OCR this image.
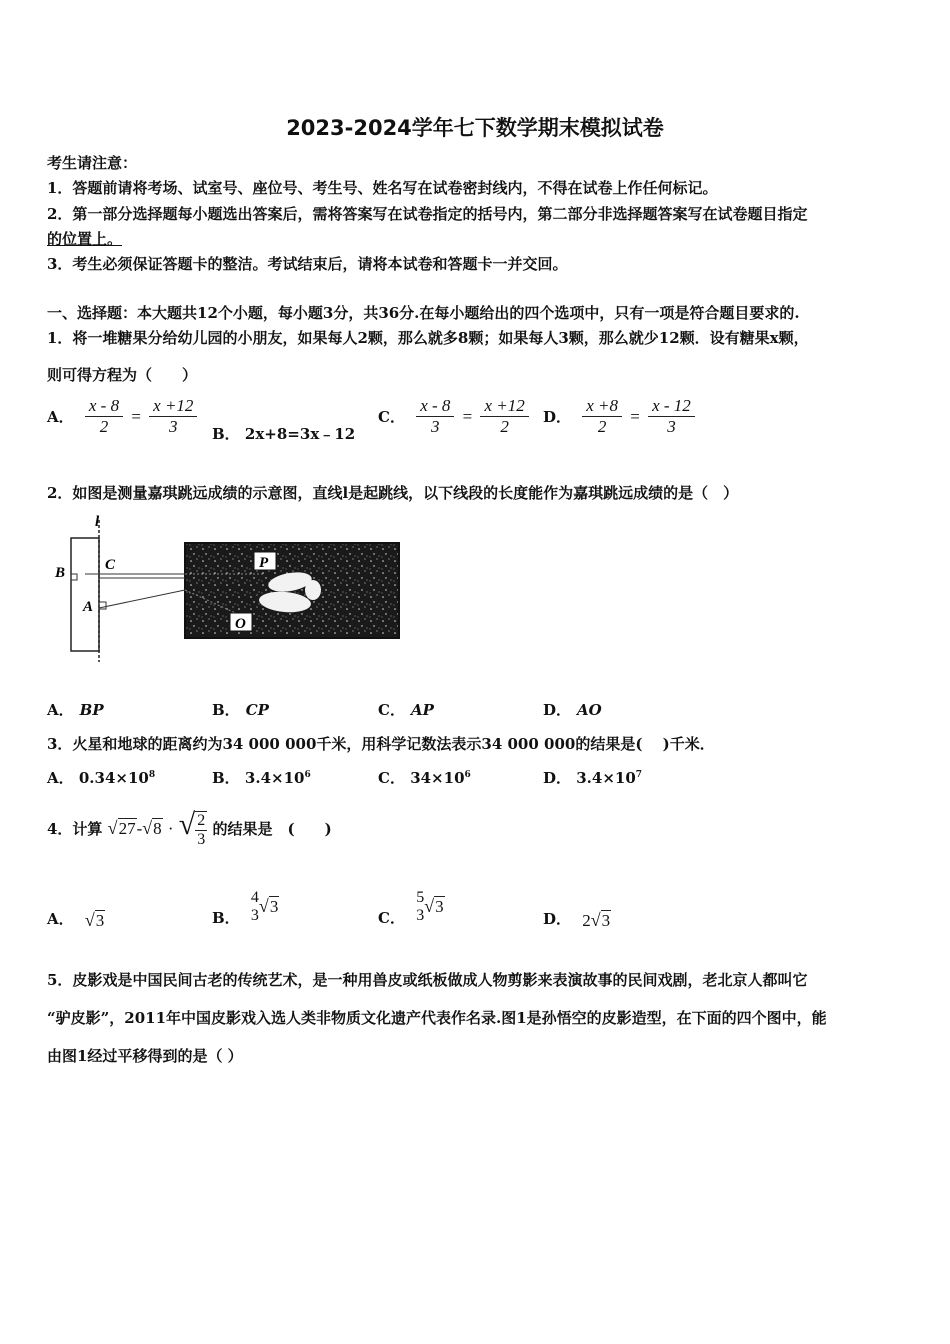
2023-2024学年七下数学期末模拟试卷
考生请注意：
1．答题前请将考场、试室号、座位号、考生号、姓名写在试卷密封线内，不得在试卷上作任何标记。
2．第一部分选择题每小题选出答案后，需将答案写在试卷指定的括号内，第二部分非选择题答案写在试卷题目指定
的位置上。
3．考生必须保证答题卡的整洁。考试结束后，请将本试卷和答题卡一并交回。
一、选择题：本大题共12个小题，每小题3分，共36分.在每小题给出的四个选项中，只有一项是符合题目要求的.
1．将一堆糖果分给幼儿园的小朋友，如果每人2颗，那么就多8颗；如果每人3颗，那么就少12颗．设有糖果x颗，
则可得方程为（　　）
A． $\frac{x - 8}{2} = \frac{x +12}{3}$ B． 2x+8=3x﹣12
C． $\frac{x - 8}{3} = \frac{x +12}{2}$ D． $\frac{x +8}{2} = \frac{x - 12}{3}$
2．如图是测量嘉琪跳远成绩的示意图，直线l是起跳线，以下线段的长度能作为嘉琪跳远成绩的是（　）
l
B	C
A
P
O
A． BP	B． CP	C． AP	D． AO
3．火星和地球的距离约为34 000 000千米，用科学记数法表示34 000 000的结果是(　 )千米．
A． $0.34\times 10^8$	B． $3.4\times 10^6$	C． $34\times 10^6$	D． $3.4\times 10^7$
4．计算 √27-√8 · √ $\frac{2}{3}$ 的结果是　(　　)
A． √3	B．
4
3 √3
C．
5
3 √3
D． 2√3
5．皮影戏是中国民间古老的传统艺术，是一种用兽皮或纸板做成人物剪影来表演故事的民间戏剧，老北京人都叫它
“驴皮影”，2011年中国皮影戏入选人类非物质文化遗产代表作名录.图1是孙悟空的皮影造型，在下面的四个图中，能
由图1经过平移得到的是（ ）
